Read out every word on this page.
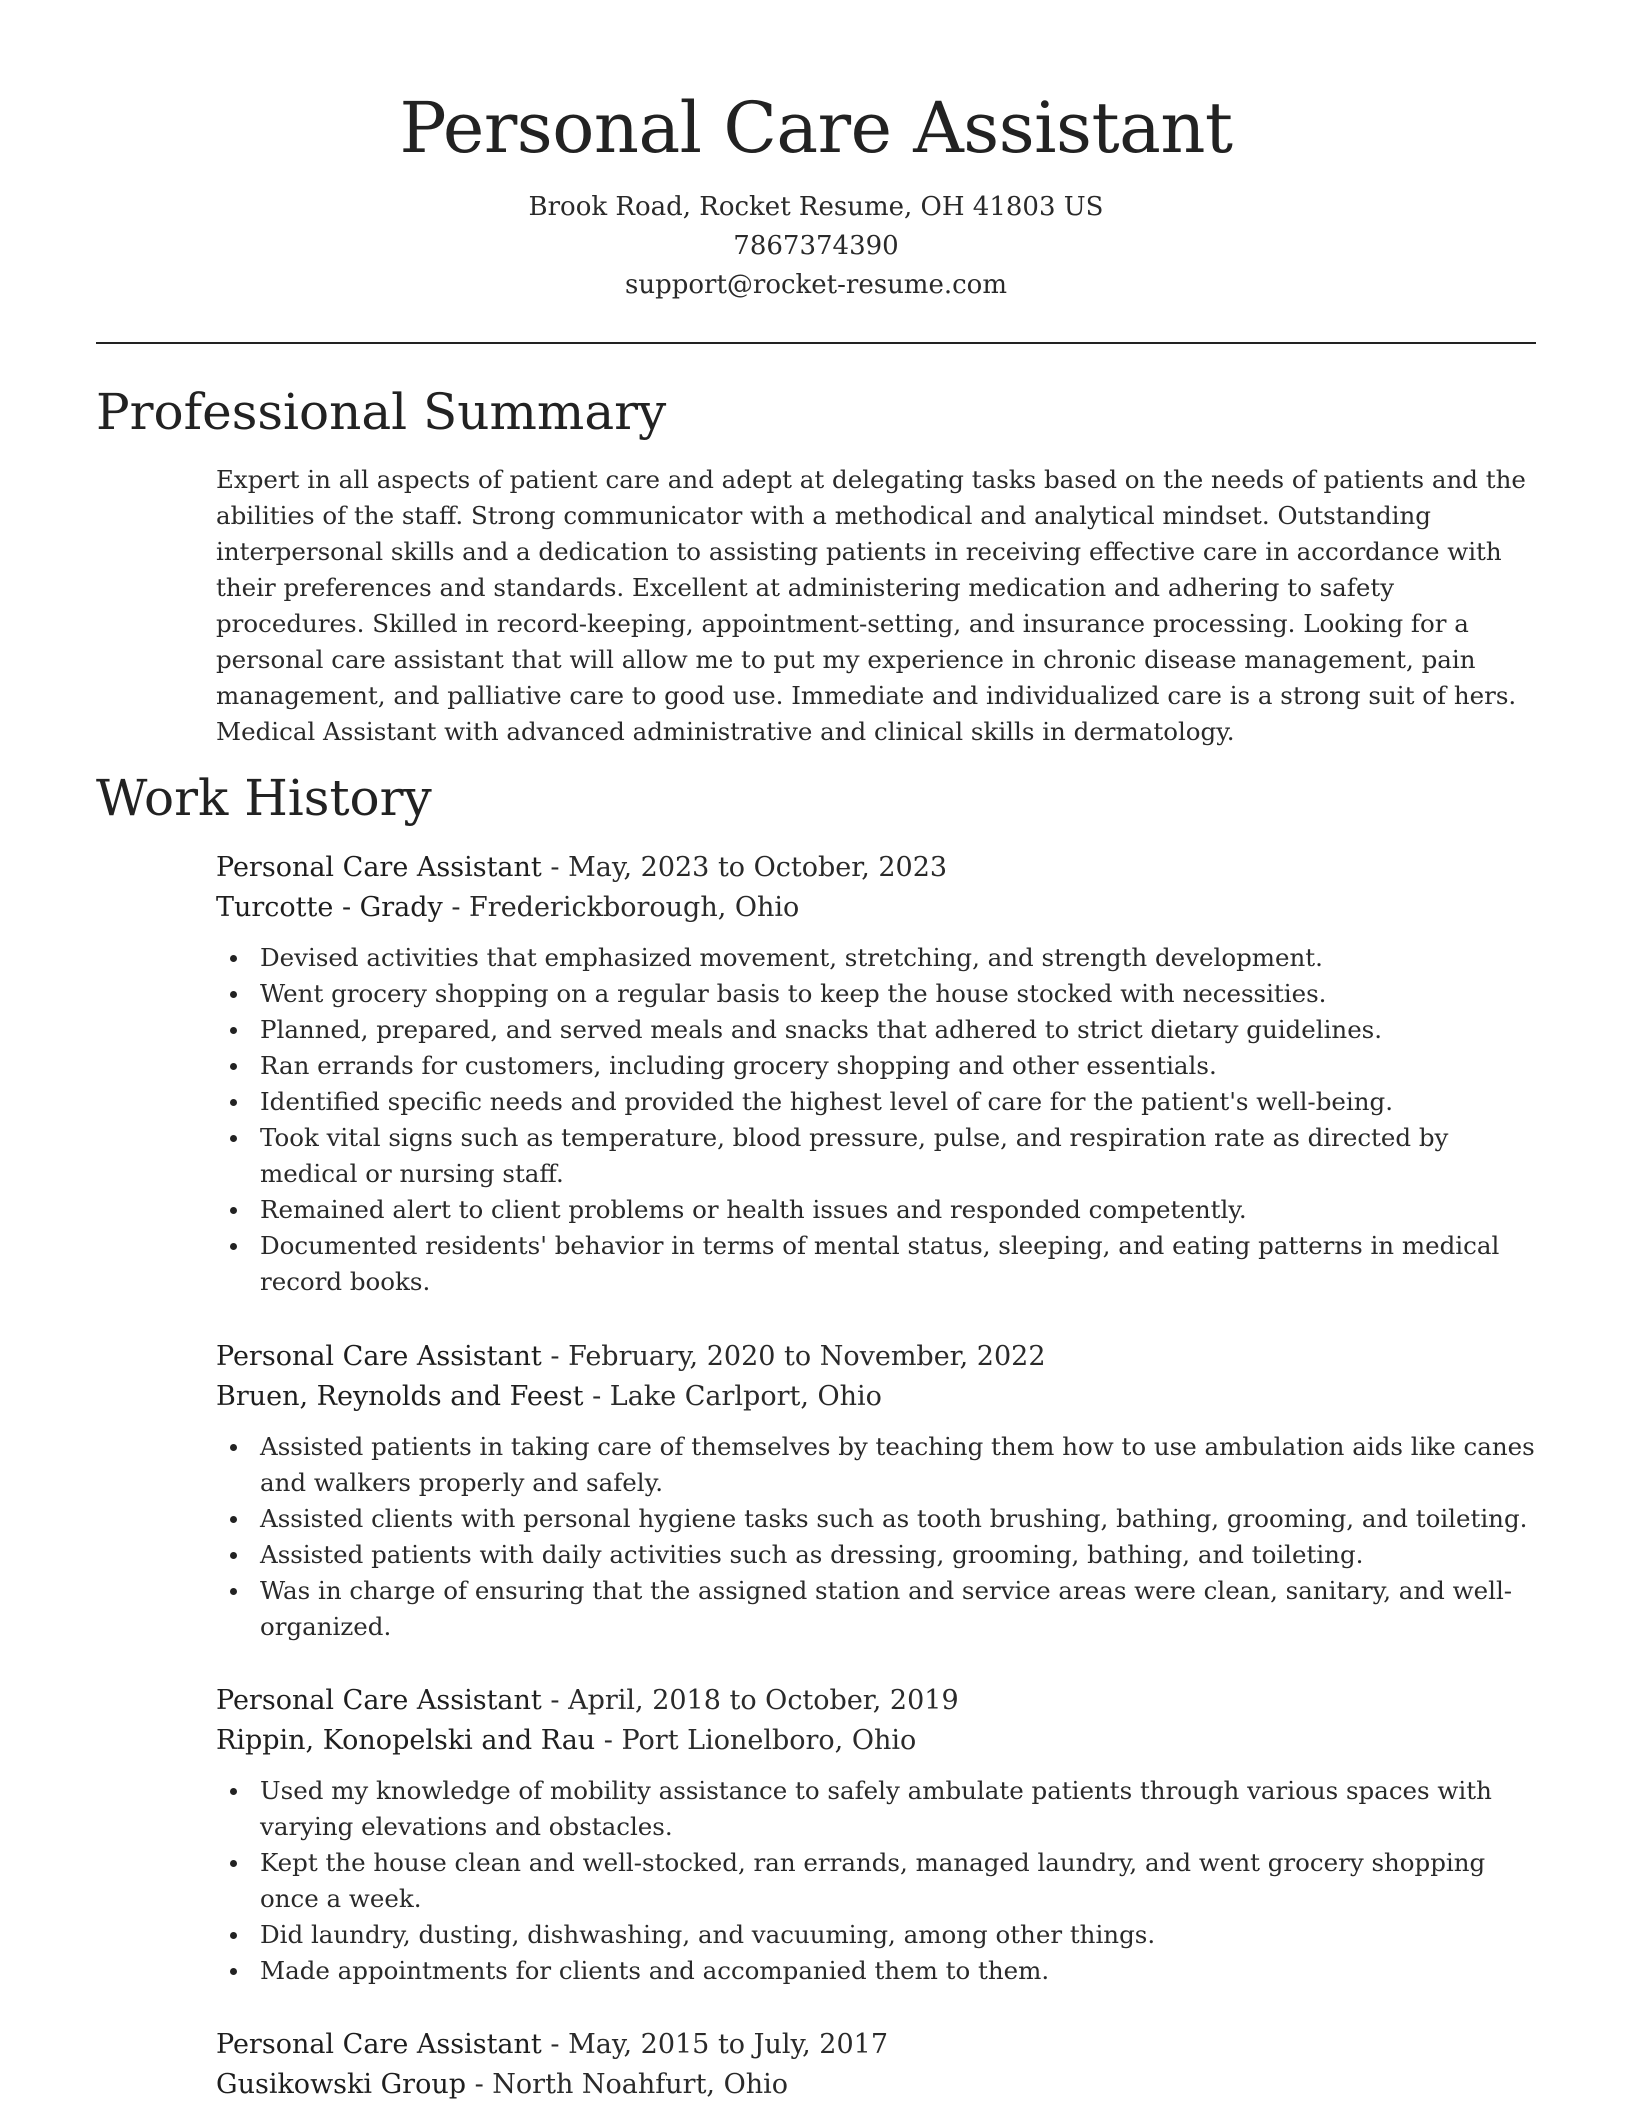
Personal Care Assistant
Brook Road, Rocket Resume, OH 41803 US
7867374390
support@rocket-resume.com
Professional Summary

Expert in all aspects of patient care and adept at delegating tasks based on the needs of patients and the abilities of the staff. Strong communicator with a methodical and analytical mindset. Outstanding interpersonal skills and a dedication to assisting patients in receiving effective care in accordance with their preferences and standards. Excellent at administering medication and adhering to safety procedures. Skilled in record-keeping, appointment-setting, and insurance processing. Looking for a personal care assistant that will allow me to put my experience in chronic disease management, pain management, and palliative care to good use. Immediate and individualized care is a strong suit of hers. Medical Assistant with advanced administrative and clinical skills in dermatology.

Work History
Personal Care Assistant - May, 2023 to October, 2023
Turcotte - Grady - Frederickborough, Ohio
Devised activities that emphasized movement, stretching, and strength development.
Went grocery shopping on a regular basis to keep the house stocked with necessities.
Planned, prepared, and served meals and snacks that adhered to strict dietary guidelines.
Ran errands for customers, including grocery shopping and other essentials.
Identified specific needs and provided the highest level of care for the patient's well-being.
Took vital signs such as temperature, blood pressure, pulse, and respiration rate as directed by medical or nursing staff.
Remained alert to client problems or health issues and responded competently.
Documented residents' behavior in terms of mental status, sleeping, and eating patterns in medical record books.
Personal Care Assistant - February, 2020 to November, 2022
Bruen, Reynolds and Feest - Lake Carlport, Ohio
Assisted patients in taking care of themselves by teaching them how to use ambulation aids like canes and walkers properly and safely.
Assisted clients with personal hygiene tasks such as tooth brushing, bathing, grooming, and toileting.
Assisted patients with daily activities such as dressing, grooming, bathing, and toileting.
Was in charge of ensuring that the assigned station and service areas were clean, sanitary, and well-organized.
Personal Care Assistant - April, 2018 to October, 2019
Rippin, Konopelski and Rau - Port Lionelboro, Ohio
Used my knowledge of mobility assistance to safely ambulate patients through various spaces with varying elevations and obstacles.
Kept the house clean and well-stocked, ran errands, managed laundry, and went grocery shopping once a week.
Did laundry, dusting, dishwashing, and vacuuming, among other things.
Made appointments for clients and accompanied them to them.
Personal Care Assistant - May, 2015 to July, 2017
Gusikowski Group - North Noahfurt, Ohio
